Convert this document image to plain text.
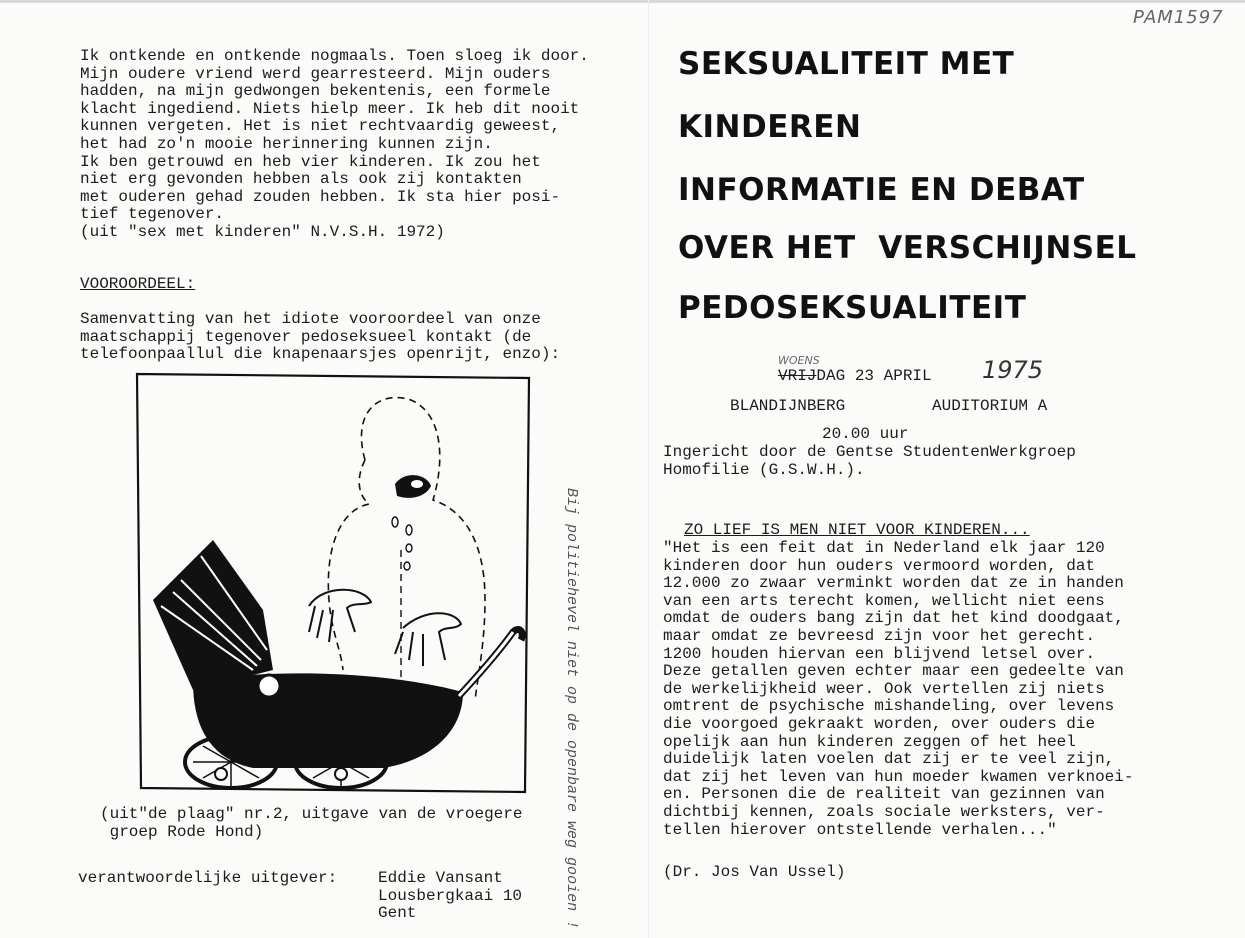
PAM1597
Ik ontkende en ontkende nogmaals. Toen sloeg ik door.
Mijn oudere vriend werd gearresteerd. Mijn ouders
hadden, na mijn gedwongen bekentenis, een formele
klacht ingediend. Niets hielp meer. Ik heb dit nooit
kunnen vergeten. Het is niet rechtvaardig geweest,
het had zo'n mooie herinnering kunnen zijn.
Ik ben getrouwd en heb vier kinderen. Ik zou het
niet erg gevonden hebben als ook zij kontakten
met ouderen gehad zouden hebben. Ik sta hier posi-
tief tegenover.
(uit "sex met kinderen" N.V.S.H. 1972)
VOOROORDEEL:
Samenvatting van het idiote vooroordeel van onze
maatschappij tegenover pedoseksueel kontakt (de
telefoonpaallul die knapenaarsjes openrijt, enzo):
Bij politiehevel niet op de openbare weg gooien !
(uit"de plaag" nr.2, uitgave van de vroegere
groep Rode Hond)
verantwoordelijke uitgever:	Eddie Vansant
Lousbergkaai 10
Gent
SEKSUALITEIT MET
KINDEREN
INFORMATIE EN DEBAT
OVER HET  VERSCHIJNSEL
PEDOSEKSUALITEIT
WOENS
VRIJDAG 23 APRIL 1975
BLANDIJNBERG	AUDITORIUM A
20.00 uur
Ingericht door de Gentse StudentenWerkgroep
Homofilie (G.S.W.H.).
ZO LIEF IS MEN NIET VOOR KINDEREN...
"Het is een feit dat in Nederland elk jaar 120
kinderen door hun ouders vermoord worden, dat
12.000 zo zwaar verminkt worden dat ze in handen
van een arts terecht komen, wellicht niet eens
omdat de ouders bang zijn dat het kind doodgaat,
maar omdat ze bevreesd zijn voor het gerecht.
1200 houden hiervan een blijvend letsel over.
Deze getallen geven echter maar een gedeelte van
de werkelijkheid weer. Ook vertellen zij niets
omtrent de psychische mishandeling, over levens
die voorgoed gekraakt worden, over ouders die
opelijk aan hun kinderen zeggen of het heel
duidelijk laten voelen dat zij er te veel zijn,
dat zij het leven van hun moeder kwamen verknoei-
en. Personen die de realiteit van gezinnen van
dichtbij kennen, zoals sociale werksters, ver-
tellen hierover ontstellende verhalen..."
(Dr. Jos Van Ussel)
